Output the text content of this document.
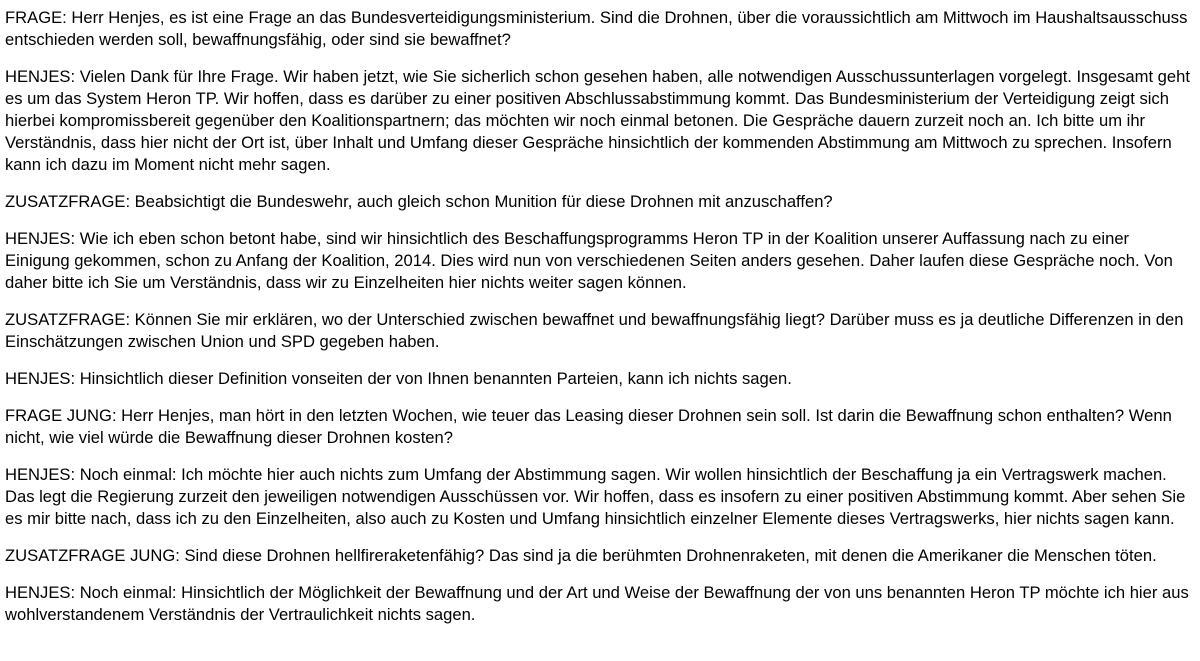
FRAGE: Herr Henjes, es ist eine Frage an das Bundesverteidigungsministerium. Sind die Drohnen, über die voraussichtlich am Mittwoch im Haushaltsausschuss entschieden werden soll, bewaffnungsfähig, oder sind sie bewaffnet?

HENJES: Vielen Dank für Ihre Frage. Wir haben jetzt, wie Sie sicherlich schon gesehen haben, alle notwendigen Ausschussunterlagen vorgelegt. Insgesamt geht es um das System Heron TP. Wir hoffen, dass es darüber zu einer positiven Abschlussabstimmung kommt. Das Bundesministerium der Verteidigung zeigt sich hierbei kompromissbereit gegenüber den Koalitionspartnern; das möchten wir noch einmal betonen. Die Gespräche dauern zurzeit noch an. Ich bitte um ihr Verständnis, dass hier nicht der Ort ist, über Inhalt und Umfang dieser Gespräche hinsichtlich der kommenden Abstimmung am Mittwoch zu sprechen. Insofern kann ich dazu im Moment nicht mehr sagen.

ZUSATZFRAGE: Beabsichtigt die Bundeswehr, auch gleich schon Munition für diese Drohnen mit anzuschaffen?

HENJES: Wie ich eben schon betont habe, sind wir hinsichtlich des Beschaffungsprogramms Heron TP in der Koalition unserer Auffassung nach zu einer Einigung gekommen, schon zu Anfang der Koalition, 2014. Dies wird nun von verschiedenen Seiten anders gesehen. Daher laufen diese Gespräche noch. Von daher bitte ich Sie um Verständnis, dass wir zu Einzelheiten hier nichts weiter sagen können.

ZUSATZFRAGE: Können Sie mir erklären, wo der Unterschied zwischen bewaffnet und bewaffnungsfähig liegt? Darüber muss es ja deutliche Differenzen in den Einschätzungen zwischen Union und SPD gegeben haben.

HENJES: Hinsichtlich dieser Definition vonseiten der von Ihnen benannten Parteien, kann ich nichts sagen.

FRAGE JUNG: Herr Henjes, man hört in den letzten Wochen, wie teuer das Leasing dieser Drohnen sein soll. Ist darin die Bewaffnung schon enthalten? Wenn nicht, wie viel würde die Bewaffnung dieser Drohnen kosten?

HENJES: Noch einmal: Ich möchte hier auch nichts zum Umfang der Abstimmung sagen. Wir wollen hinsichtlich der Beschaffung ja ein Vertragswerk machen. Das legt die Regierung zurzeit den jeweiligen notwendigen Ausschüssen vor. Wir hoffen, dass es insofern zu einer positiven Abstimmung kommt. Aber sehen Sie es mir bitte nach, dass ich zu den Einzelheiten, also auch zu Kosten und Umfang hinsichtlich einzelner Elemente dieses Vertragswerks, hier nichts sagen kann.

ZUSATZFRAGE JUNG: Sind diese Drohnen hellfireraketenfähig? Das sind ja die berühmten Drohnenraketen, mit denen die Amerikaner die Menschen töten.

HENJES: Noch einmal: Hinsichtlich der Möglichkeit der Bewaffnung und der Art und Weise der Bewaffnung der von uns benannten Heron TP möchte ich hier aus wohlverstandenem Verständnis der Vertraulichkeit nichts sagen.
